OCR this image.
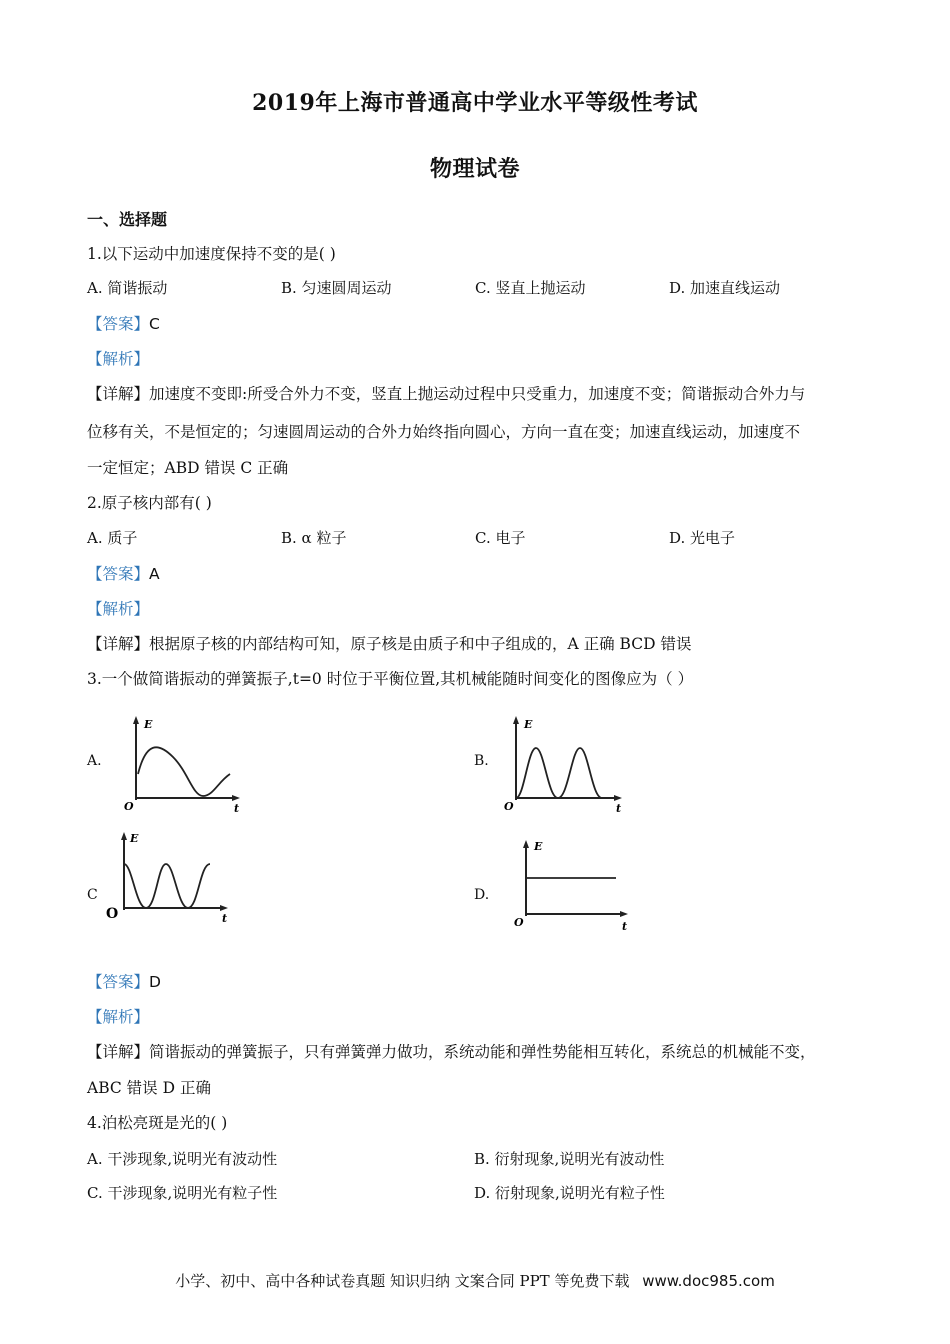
2019年上海市普通高中学业水平等级性考试
物理试卷
一、选择题
1.以下运动中加速度保持不变的是( )
A. 简谐振动	B. 匀速圆周运动	C. 竖直上抛运动	D. 加速直线运动
【答案】C
【解析】
【详解】加速度不变即:所受合外力不变，竖直上抛运动过程中只受重力，加速度不变；简谐振动合外力与
位移有关，不是恒定的；匀速圆周运动的合外力始终指向圆心，方向一直在变；加速直线运动，加速度不
一定恒定；ABD 错误 C 正确
2.原子核内部有( )
A. 质子	B. α 粒子	C. 电子	D. 光电子
【答案】A
【解析】
【详解】根据原子核的内部结构可知，原子核是由质子和中子组成的，A 正确 BCD 错误
3.一个做简谐振动的弹簧振子,t=0 时位于平衡位置,其机械能随时间变化的图像应为（ ）
A.
E
t
O
B.
E
t
O
C
E
t
O
D.
E
t
O
【答案】D
【解析】
【详解】简谐振动的弹簧振子，只有弹簧弹力做功，系统动能和弹性势能相互转化，系统总的机械能不变，
ABC 错误 D 正确
4.泊松亮斑是光的( )
A. 干涉现象,说明光有波动性	B. 衍射现象,说明光有波动性
C. 干涉现象,说明光有粒子性	D. 衍射现象,说明光有粒子性
小学、初中、高中各种试卷真题 知识归纳 文案合同 PPT 等免费下载 www.doc985.com
